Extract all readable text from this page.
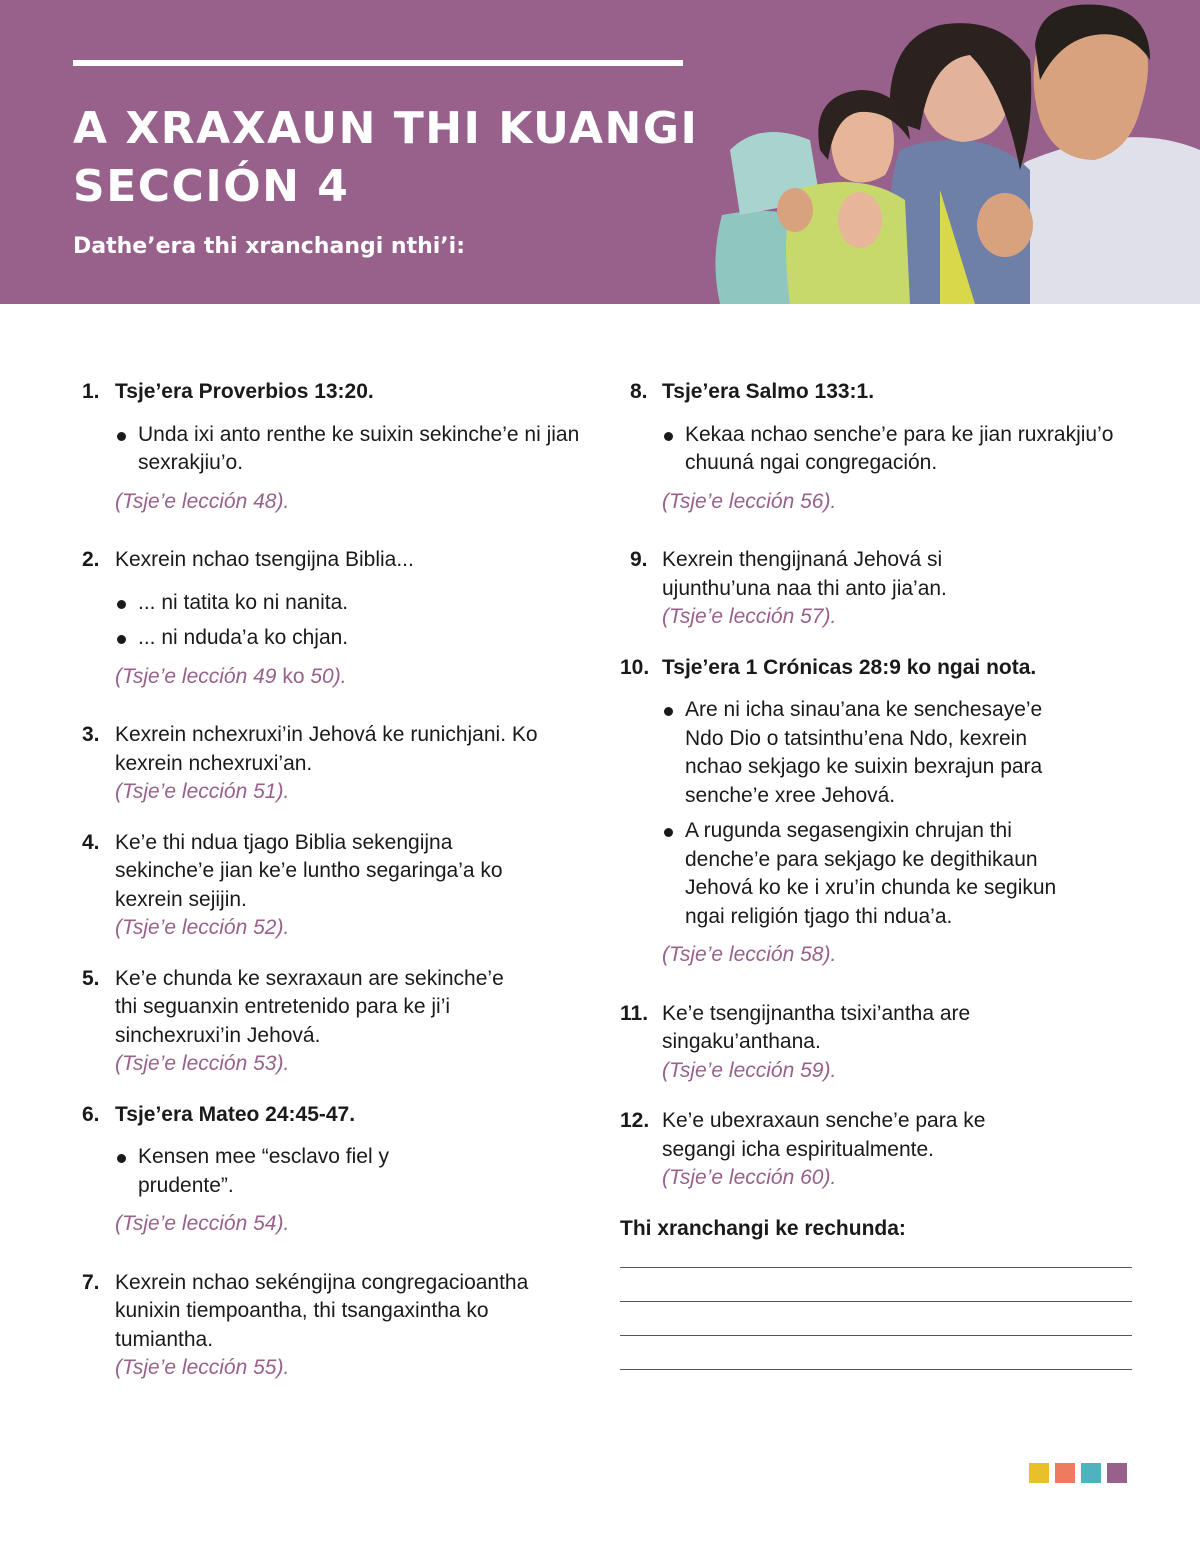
A XRAXAUN THI KUANGI
SECCIÓN 4

Dathe’era thi xranchangi nthi’i:

1. Tsje’era Proverbios 13:20.
Unda ixi anto renthe ke suixin sekinche’e ni jian sexrakjiu’o.
(Tsje’e lección 48).
2. Kexrein nchao tsengijna Biblia...
... ni tatita ko ni nanita.
... ni nduda’a ko chjan.
(Tsje’e lección 49 ko 50).
3. Kexrein nchexruxi’in Jehová ke runichjani. Ko kexrein nchexruxi’an.
(Tsje’e lección 51).
4. Ke’e thi ndua tjago Biblia sekengijna sekinche’e jian ke’e luntho segaringa’a ko kexrein sejijin.
(Tsje’e lección 52).
5. Ke’e chunda ke sexraxaun are sekinche’e thi seguanxin entretenido para ke ji’i sinchexruxi’in Jehová.
(Tsje’e lección 53).
6. Tsje’era Mateo 24:45-47.
Kensen mee “esclavo fiel y prudente”.
(Tsje’e lección 54).
7. Kexrein nchao sekéngijna congregacioantha kunixin tiempoantha, thi tsangaxintha ko tumiantha.
(Tsje’e lección 55).
8. Tsje’era Salmo 133:1.
Kekaa nchao senche’e para ke jian ruxrakjiu’o chuuná ngai congregación.
(Tsje’e lección 56).
9. Kexrein thengijnaná Jehová si ujunthu’una naa thi anto jia’an.
(Tsje’e lección 57).
10. Tsje’era 1 Crónicas 28:9 ko ngai nota.
Are ni icha sinau’ana ke senchesaye’e Ndo Dio o tatsinthu’ena Ndo, kexrein nchao sekjago ke suixin bexrajun para senche’e xree Jehová.
A rugunda segasengixin chrujan thi denche’e para sekjago ke degithikaun Jehová ko ke i xru’in chunda ke segikun ngai religión tjago thi ndua’a.
(Tsje’e lección 58).
11. Ke’e tsengijnantha tsixi’antha are singaku’anthana.
(Tsje’e lección 59).
12. Ke’e ubexraxaun senche’e para ke segangi icha espiritualmente.
(Tsje’e lección 60).

Thi xranchangi ke rechunda:
